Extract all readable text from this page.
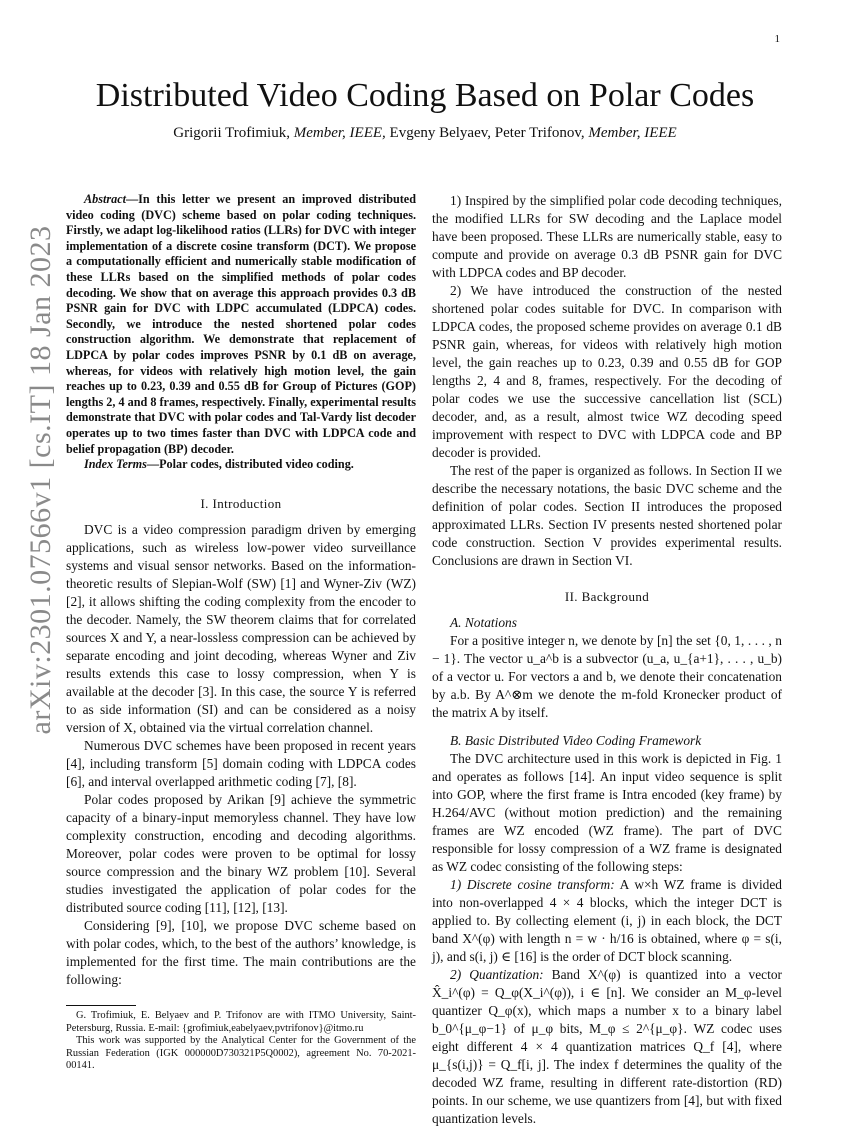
1
arXiv:2301.07566v1 [cs.IT] 18 Jan 2023
Distributed Video Coding Based on Polar Codes
Grigorii Trofimiuk, Member, IEEE, Evgeny Belyaev, Peter Trifonov, Member, IEEE

Abstract—In this letter we present an improved distributed video coding (DVC) scheme based on polar coding techniques. Firstly, we adapt log-likelihood ratios (LLRs) for DVC with integer implementation of a discrete cosine transform (DCT). We propose a computationally efficient and numerically stable modification of these LLRs based on the simplified methods of polar codes decoding. We show that on average this approach provides 0.3 dB PSNR gain for DVC with LDPC accumulated (LDPCA) codes. Secondly, we introduce the nested shortened polar codes construction algorithm. We demonstrate that replacement of LDPCA by polar codes improves PSNR by 0.1 dB on average, whereas, for videos with relatively high motion level, the gain reaches up to 0.23, 0.39 and 0.55 dB for Group of Pictures (GOP) lengths 2, 4 and 8 frames, respectively. Finally, experimental results demonstrate that DVC with polar codes and Tal-Vardy list decoder operates up to two times faster than DVC with LDPCA code and belief propagation (BP) decoder.

Index Terms—Polar codes, distributed video coding.

I. Introduction

DVC is a video compression paradigm driven by emerging applications, such as wireless low-power video surveillance systems and visual sensor networks. Based on the information-theoretic results of Slepian-Wolf (SW) [1] and Wyner-Ziv (WZ) [2], it allows shifting the coding complexity from the encoder to the decoder. Namely, the SW theorem claims that for correlated sources X and Y, a near-lossless compression can be achieved by separate encoding and joint decoding, whereas Wyner and Ziv results extends this case to lossy compression, when Y is available at the decoder [3]. In this case, the source Y is referred to as side information (SI) and can be considered as a noisy version of X, obtained via the virtual correlation channel.

Numerous DVC schemes have been proposed in recent years [4], including transform [5] domain coding with LDPCA codes [6], and interval overlapped arithmetic coding [7], [8].

Polar codes proposed by Arikan [9] achieve the symmetric capacity of a binary-input memoryless channel. They have low complexity construction, encoding and decoding algorithms. Moreover, polar codes were proven to be optimal for lossy source compression and the binary WZ problem [10]. Several studies investigated the application of polar codes for the distributed source coding [11], [12], [13].

Considering [9], [10], we propose DVC scheme based on with polar codes, which, to the best of the authors’ knowledge, is implemented for the first time. The main contributions are the following:

1) Inspired by the simplified polar code decoding techniques, the modified LLRs for SW decoding and the Laplace model have been proposed. These LLRs are numerically stable, easy to compute and provide on average 0.3 dB PSNR gain for DVC with LDPCA codes and BP decoder.

2) We have introduced the construction of the nested shortened polar codes suitable for DVC. In comparison with LDPCA codes, the proposed scheme provides on average 0.1 dB PSNR gain, whereas, for videos with relatively high motion level, the gain reaches up to 0.23, 0.39 and 0.55 dB for GOP lengths 2, 4 and 8, frames, respectively. For the decoding of polar codes we use the successive cancellation list (SCL) decoder, and, as a result, almost twice WZ decoding speed improvement with respect to DVC with LDPCA code and BP decoder is provided.

The rest of the paper is organized as follows. In Section II we describe the necessary notations, the basic DVC scheme and the definition of polar codes. Section II introduces the proposed approximated LLRs. Section IV presents nested shortened polar code construction. Section V provides experimental results. Conclusions are drawn in Section VI.

II. Background

A. Notations

For a positive integer n, we denote by [n] the set {0, 1, . . . , n − 1}. The vector u_a^b is a subvector (u_a, u_{a+1}, . . . , u_b) of a vector u. For vectors a and b, we denote their concatenation by a.b. By A^⊗m we denote the m-fold Kronecker product of the matrix A by itself.

B. Basic Distributed Video Coding Framework

The DVC architecture used in this work is depicted in Fig. 1 and operates as follows [14]. An input video sequence is split into GOP, where the first frame is Intra encoded (key frame) by H.264/AVC (without motion prediction) and the remaining frames are WZ encoded (WZ frame). The part of DVC responsible for lossy compression of a WZ frame is designated as WZ codec consisting of the following steps:

1) Discrete cosine transform: A w×h WZ frame is divided into non-overlapped 4 × 4 blocks, which the integer DCT is applied to. By collecting element (i, j) in each block, the DCT band X^(φ) with length n = w · h/16 is obtained, where φ = s(i, j), and s(i, j) ∈ [16] is the order of DCT block scanning.

2) Quantization: Band X^(φ) is quantized into a vector X̂_i^(φ) = Q_φ(X_i^(φ)), i ∈ [n]. We consider an M_φ-level quantizer Q_φ(x), which maps a number x to a binary label b_0^{μ_φ−1} of μ_φ bits, M_φ ≤ 2^{μ_φ}. WZ codec uses eight different 4 × 4 quantization matrices Q_f [4], where μ_{s(i,j)} = Q_f[i, j]. The index f determines the quality of the decoded WZ frame, resulting in different rate-distortion (RD) points. In our scheme, we use quantizers from [4], but with fixed quantization levels.

G. Trofimiuk, E. Belyaev and P. Trifonov are with ITMO University, Saint-Petersburg, Russia. E-mail: {grofimiuk,eabelyaev,pvtrifonov}@itmo.ru

This work was supported by the Analytical Center for the Government of the Russian Federation (IGK 000000D730321P5Q0002), agreement No. 70-2021-00141.
